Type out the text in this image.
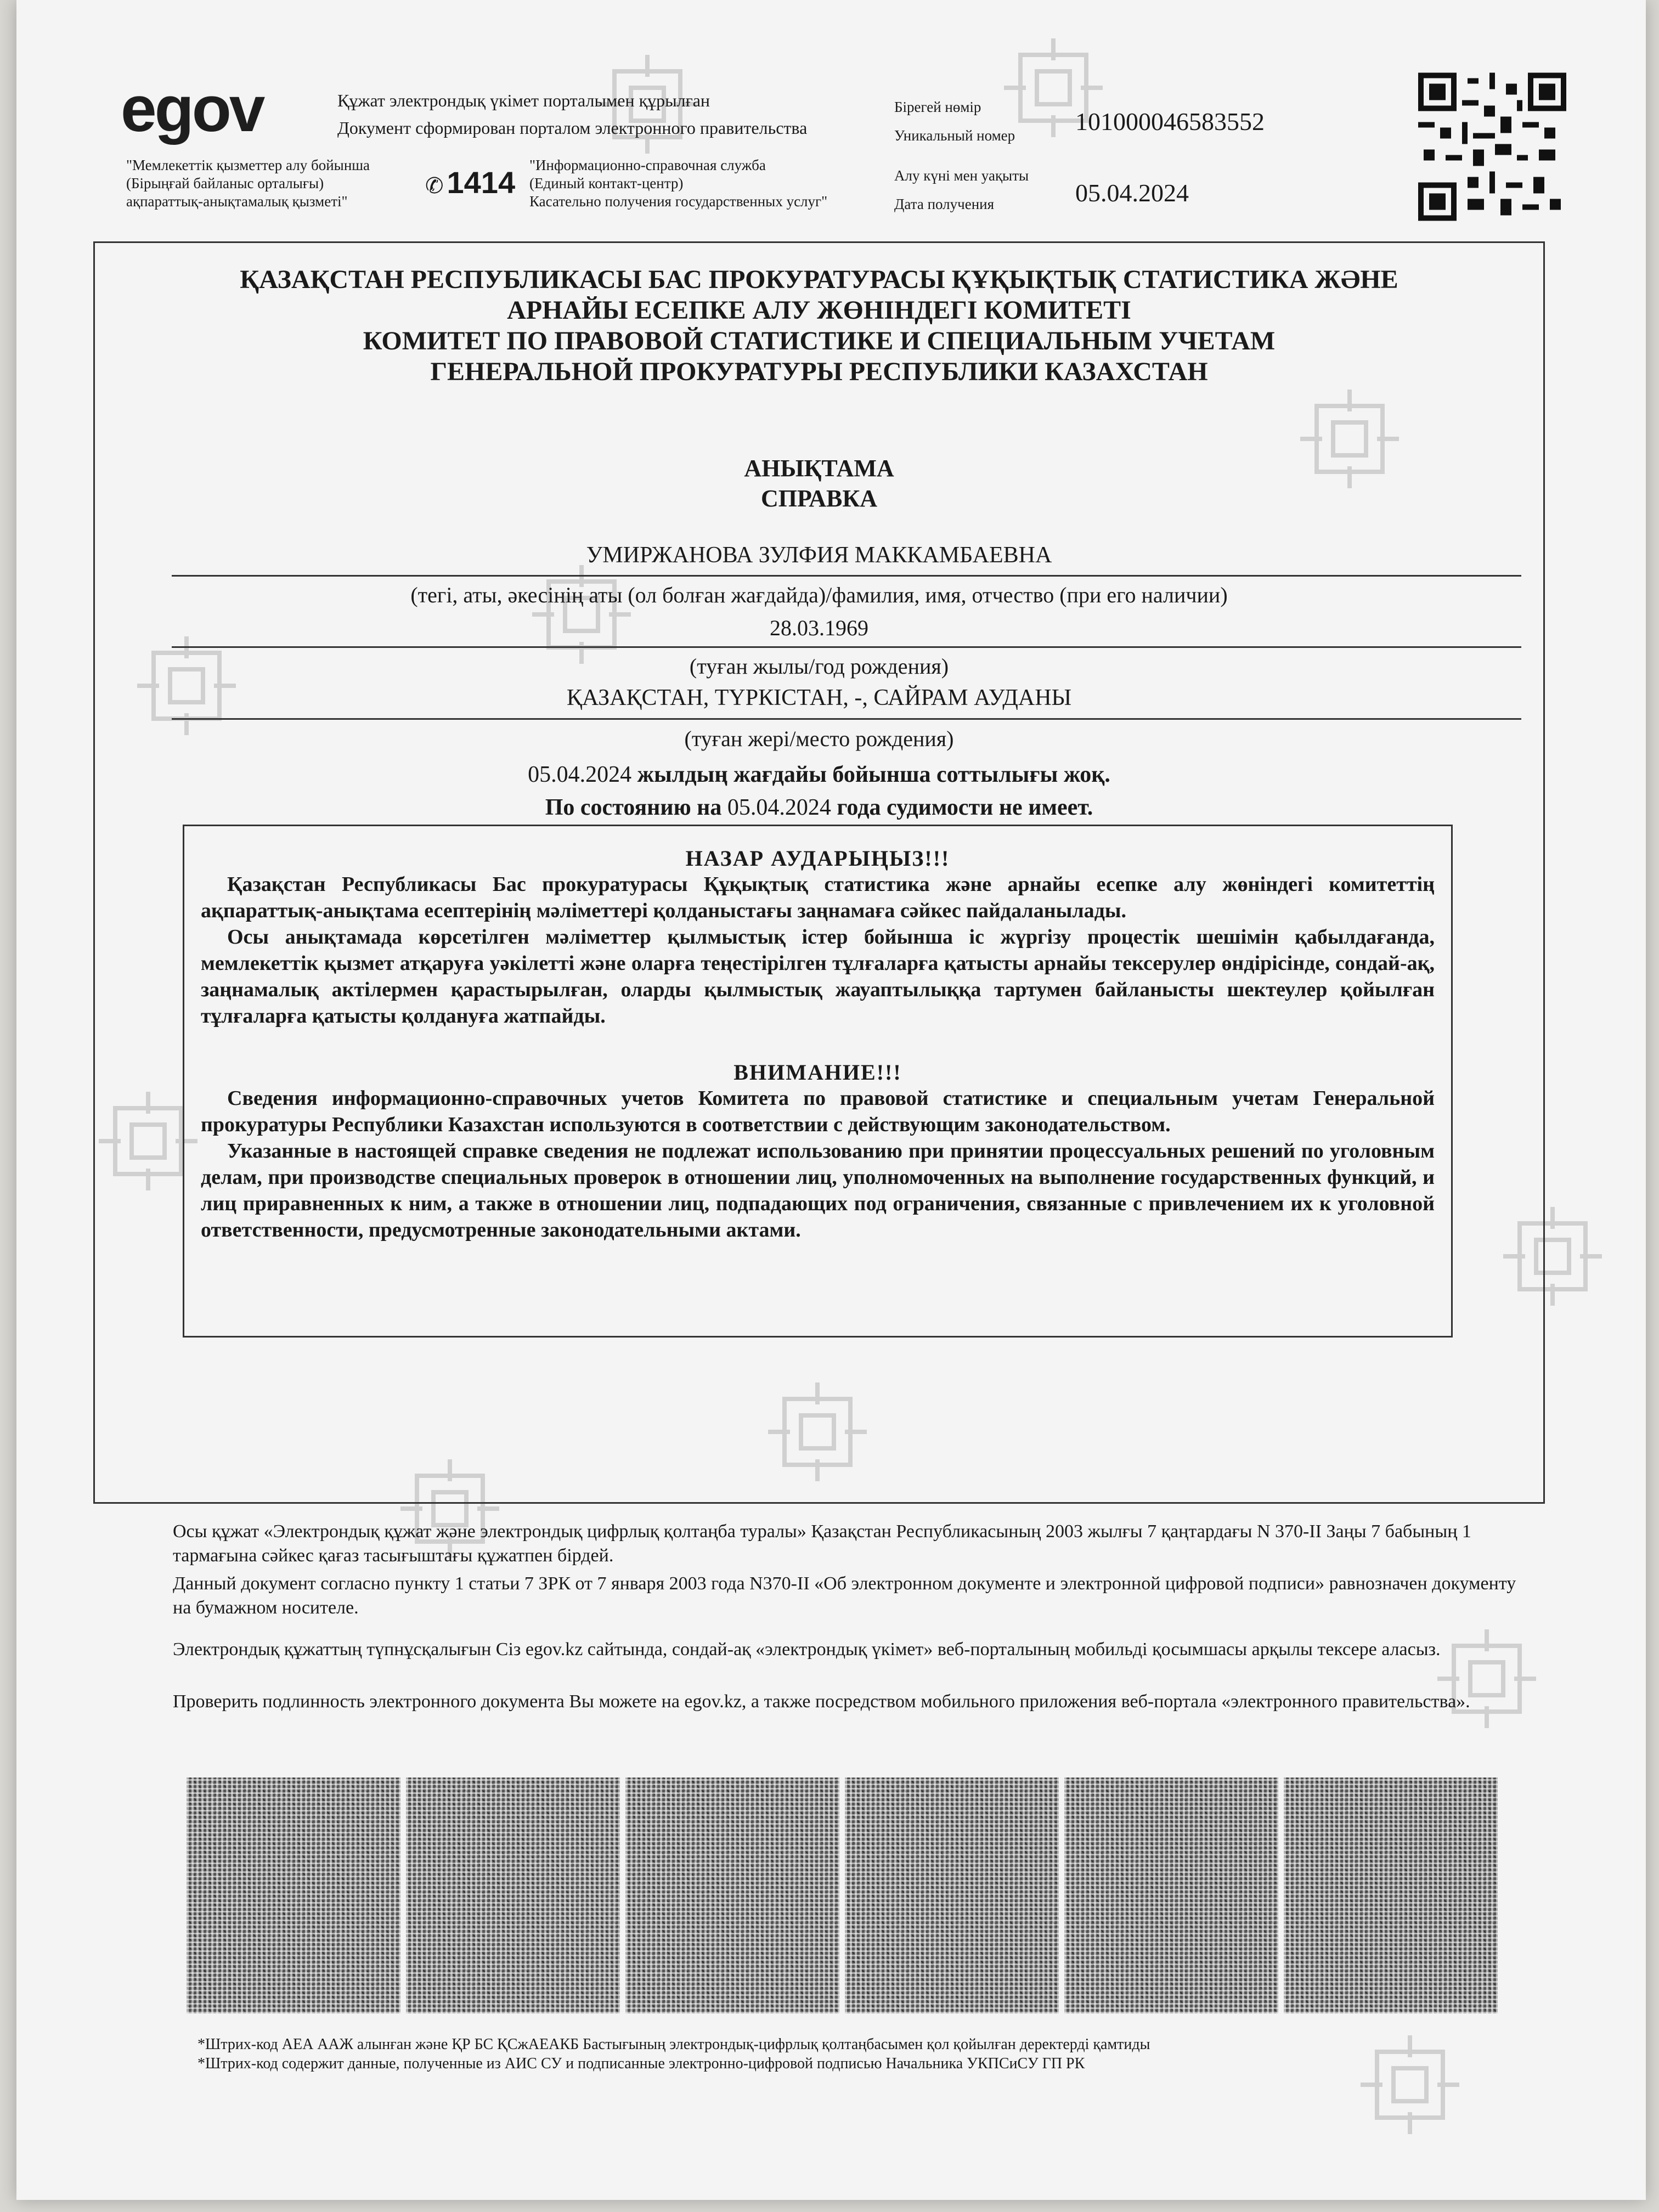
egov	Құжат электрондық үкімет порталымен құрылған
Документ сформирован порталом электронного правительства
"Мемлекеттік қызметтер алу бойынша
(Бірыңғай байланыс орталығы)
ақпараттық-анықтамалық қызметі"
✆ 1414 "Информационно-справочная служба
(Единый контакт-центр)
Касательно получения государственных услуг"
Бірегей нөмір
Уникальный номер 101000046583552
Алу күні мен уақыты
Дата получения	05.04.2024
ҚАЗАҚСТАН РЕСПУБЛИКАСЫ БАС ПРОКУРАТУРАСЫ ҚҰҚЫҚТЫҚ СТАТИСТИКА ЖӘНЕ
АРНАЙЫ ЕСЕПКЕ АЛУ ЖӨНІНДЕГІ КОМИТЕТІ
КОМИТЕТ ПО ПРАВОВОЙ СТАТИСТИКЕ И СПЕЦИАЛЬНЫМ УЧЕТАМ
ГЕНЕРАЛЬНОЙ ПРОКУРАТУРЫ РЕСПУБЛИКИ КАЗАХСТАН
АНЫҚТАМА
СПРАВКА
УМИРЖАНОВА ЗУЛФИЯ МАККАМБАЕВНА
(тегі, аты, әкесінің аты (ол болған жағдайда)/фамилия, имя, отчество (при его наличии)
28.03.1969
(туған жылы/год рождения)
ҚАЗАҚСТАН, ТҮРКІСТАН, -, САЙРАМ АУДАНЫ
(туған жері/место рождения)
05.04.2024 жылдың жағдайы бойынша соттылығы жоқ.
По состоянию на 05.04.2024 года судимости не имеет.
НАЗАР АУДАРЫҢЫЗ!!!

Қазақстан Республикасы Бас прокуратурасы Құқықтық статистика және арнайы есепке алу жөніндегі комитеттің ақпараттық-анықтама есептерінің мәліметтері қолданыстағы заңнамаға сәйкес пайдаланылады.

Осы анықтамада көрсетілген мәліметтер қылмыстық істер бойынша іс жүргізу процестік шешімін қабылдағанда, мемлекеттік қызмет атқаруға уәкілетті және оларға теңестірілген тұлғаларға қатысты арнайы тексерулер өндірісінде, сондай-ақ, заңнамалық актілермен қарастырылған, оларды қылмыстық жауаптылыққа тартумен байланысты шектеулер қойылған тұлғаларға қатысты қолдануға жатпайды.

ВНИМАНИЕ!!!

Сведения информационно-справочных учетов Комитета по правовой статистике и специальным учетам Генеральной прокуратуры Республики Казахстан используются в соответствии с действующим законодательством.

Указанные в настоящей справке сведения не подлежат использованию при принятии процессуальных решений по уголовным делам, при производстве специальных проверок в отношении лиц, уполномоченных на выполнение государственных функций, и лиц приравненных к ним, а также в отношении лиц, подпадающих под ограничения, связанные с привлечением их к уголовной ответственности, предусмотренные законодательными актами.

Осы құжат «Электрондық құжат және электрондық цифрлық қолтаңба туралы» Қазақстан Республикасының 2003 жылғы 7 қаңтардағы N 370-II Заңы 7 бабының 1 тармағына сәйкес қағаз тасығыштағы құжатпен бірдей.
Данный документ согласно пункту 1 статьи 7 ЗРК от 7 января 2003 года N370-II «Об электронном документе и электронной цифровой подписи» равнозначен документу на бумажном носителе.
Электрондық құжаттың түпнұсқалығын Сіз egov.kz сайтында, сондай-ақ «электрондық үкімет» веб-порталының мобильді қосымшасы арқылы тексере аласыз.
Проверить подлинность электронного документа Вы можете на egov.kz, а также посредством мобильного приложения веб-портала «электронного правительства».
*Штрих-код АЕА ААЖ алынған және ҚР БС ҚСжАЕАКБ Бастығының электрондық-цифрлық қолтаңбасымен қол қойылған деректерді қамтиды
*Штрих-код содержит данные, полученные из АИС СУ и подписанные электронно-цифровой подписью Начальника УКПСиСУ ГП РК
